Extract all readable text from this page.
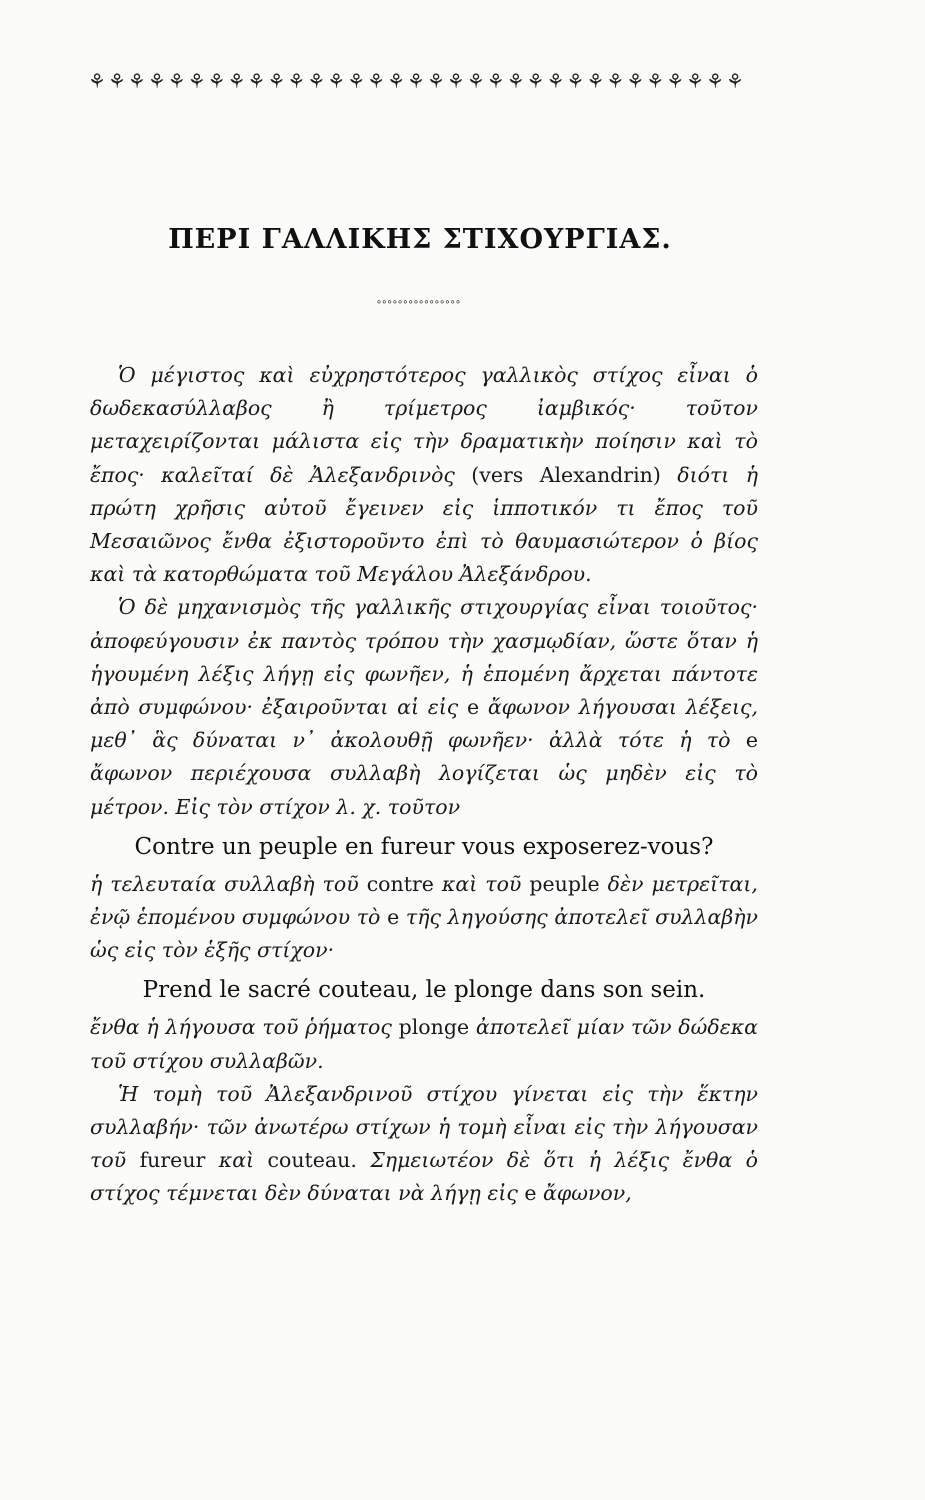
⚘ ⚘ ⚘ ⚘ ⚘ ⚘ ⚘ ⚘ ⚘ ⚘ ⚘ ⚘ ⚘ ⚘ ⚘ ⚘ ⚘ ⚘ ⚘ ⚘ ⚘ ⚘ ⚘ ⚘ ⚘ ⚘ ⚘ ⚘ ⚘ ⚘ ⚘ ⚘ ⚘
ΠΕΡΙ ΓΑΛΛΙΚΗΣ ΣΤΙΧΟΥΡΓΙΑΣ.
∘∘∘∘∘∘∘∘∘∘∘∘∘∘∘∘

Ὁ μέγιστος καὶ εὐχρηστότερος γαλλικὸς στίχος εἶναι ὁ δωδεκασύλλαβος ἢ τρίμετρος ἰαμβικός· τοῦτον μεταχειρίζονται μάλιστα εἰς τὴν δραματικὴν ποίησιν καὶ τὸ ἔπος· καλεῖταί δὲ Ἀλεξανδρινὸς (vers Alexandrin) διότι ἡ πρώτη χρῆσις αὐτοῦ ἔγεινεν εἰς ἱπποτικόν τι ἔπος τοῦ Μεσαιῶνος ἔνθα ἐξιστοροῦντο ἐπὶ τὸ θαυμασιώτερον ὁ βίος καὶ τὰ κατορθώματα τοῦ Μεγάλου Ἀλεξάνδρου.

Ὁ δὲ μηχανισμὸς τῆς γαλλικῆς στιχουργίας εἶναι τοιοῦτος· ἀποφεύγουσιν ἐκ παντὸς τρόπου τὴν χασμῳδίαν, ὥστε ὅταν ἡ ἡγουμένη λέξις λήγῃ εἰς φωνῆεν, ἡ ἑπομένη ἄρχεται πάντοτε ἀπὸ συμφώνου· ἐξαιροῦνται αἱ εἰς e ἄφωνον λήγουσαι λέξεις, μεθ᾽ ἃς δύναται ν᾽ ἀκολουθῇ φωνῆεν· ἀλλὰ τότε ἡ τὸ e ἄφωνον περιέχουσα συλλαβὴ λογίζεται ὡς μηδὲν εἰς τὸ μέτρον. Εἰς τὸν στίχον λ. χ. τοῦτον

Contre un peuple en fureur vous exposerez-vous?

ἡ τελευταία συλλαβὴ τοῦ contre καὶ τοῦ peuple δὲν μετρεῖται, ἐνῷ ἑπομένου συμφώνου τὸ e τῆς ληγούσης ἀποτελεῖ συλλαβὴν ὡς εἰς τὸν ἑξῆς στίχον·

Prend le sacré couteau, le plonge dans son sein.

ἔνθα ἡ λήγουσα τοῦ ῥήματος plonge ἀποτελεῖ μίαν τῶν δώδεκα τοῦ στίχου συλλαβῶν.

Ἡ τομὴ τοῦ Ἀλεξανδρινοῦ στίχου γίνεται εἰς τὴν ἕκτην συλλαβήν· τῶν ἀνωτέρω στίχων ἡ τομὴ εἶναι εἰς τὴν λήγουσαν τοῦ fureur καὶ couteau. Σημειωτέον δὲ ὅτι ἡ λέξις ἔνθα ὁ στίχος τέμνεται δὲν δύναται νὰ λήγῃ εἰς e ἄφωνον,
